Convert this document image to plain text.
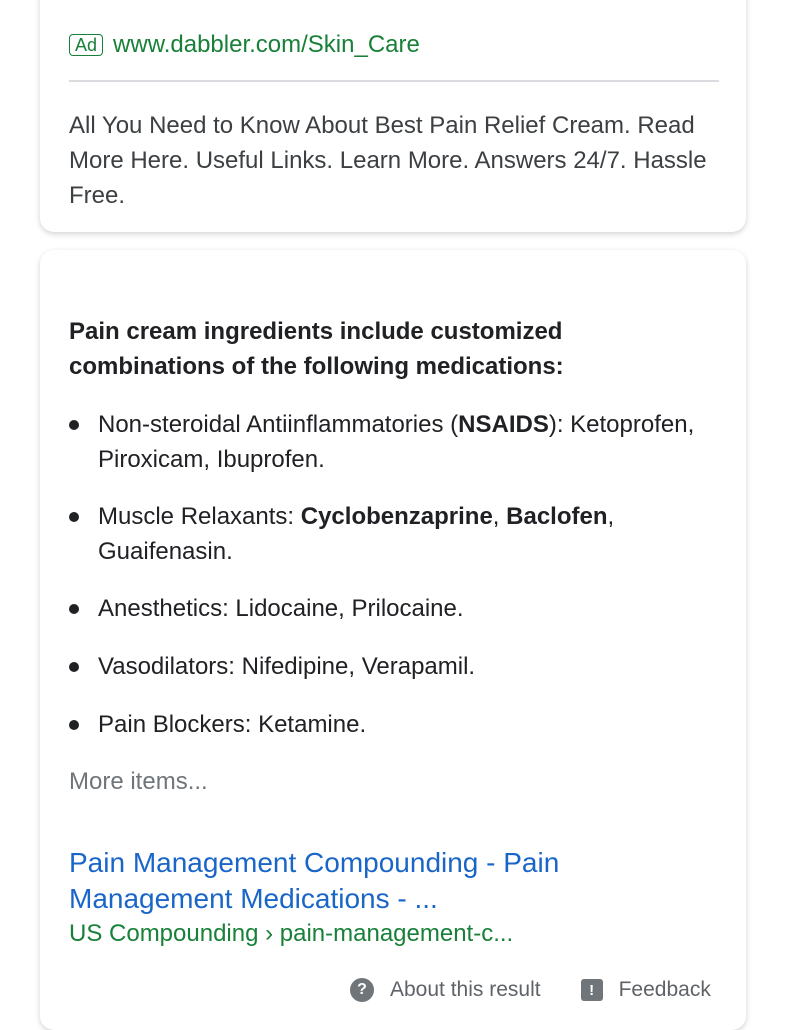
Ad www.dabbler.com/Skin_Care
All You Need to Know About Best Pain Relief Cream. Read More Here. Useful Links. Learn More. Answers 24/7. Hassle Free.
Pain cream ingredients include customized combinations of the following medications:
Non-steroidal Antiinflammatories (NSAIDS): Ketoprofen, Piroxicam, Ibuprofen.
Muscle Relaxants: Cyclobenzaprine, Baclofen, Guaifenasin.
Anesthetics: Lidocaine, Prilocaine.
Vasodilators: Nifedipine, Verapamil.
Pain Blockers: Ketamine.
More items...
Pain Management Compounding - Pain Management Medications - ...
US Compounding › pain-management-c...
?	About this result	!	Feedback
